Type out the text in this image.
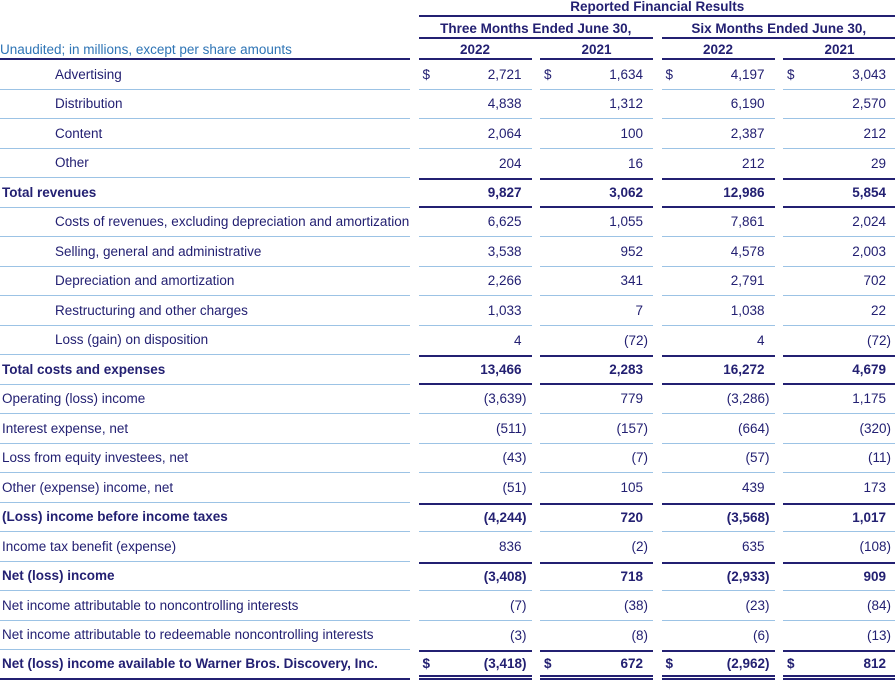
Reported Financial Results
Three Months Ended June 30,	Six Months Ended June 30,
Unaudited; in millions, except per share amounts	2022	2021	2022	2021
Advertising	$	2,721 $	1,634 $	4,197 $	3,043
Distribution	4,838	1,312	6,190	2,570
Content	2,064	100	2,387	212
Other	204	16	212	29
Total revenues	9,827	3,062	12,986	5,854
Costs of revenues, excluding depreciation and amortization	6,625	1,055	7,861	2,024
Selling, general and administrative	3,538	952	4,578	2,003
Depreciation and amortization	2,266	341	2,791	702
Restructuring and other charges	1,033	7	1,038	22
Loss (gain) on disposition	4	(72)	4	(72)
Total costs and expenses	13,466	2,283	16,272	4,679
Operating (loss) income	(3,639)	779	(3,286)	1,175
Interest expense, net	(511)	(157)	(664)	(320)
Loss from equity investees, net	(43)	(7)	(57)	(11)
Other (expense) income, net	(51)	105	439	173
(Loss) income before income taxes	(4,244)	720	(3,568)	1,017
Income tax benefit (expense)	836	(2)	635	(108)
Net (loss) income	(3,408)	718	(2,933)	909
Net income attributable to noncontrolling interests	(7)	(38)	(23)	(84)
Net income attributable to redeemable noncontrolling interests	(3)	(8)	(6)	(13)
Net (loss) income available to Warner Bros. Discovery, Inc.	$	(3,418) $	672 $	(2,962) $	812
